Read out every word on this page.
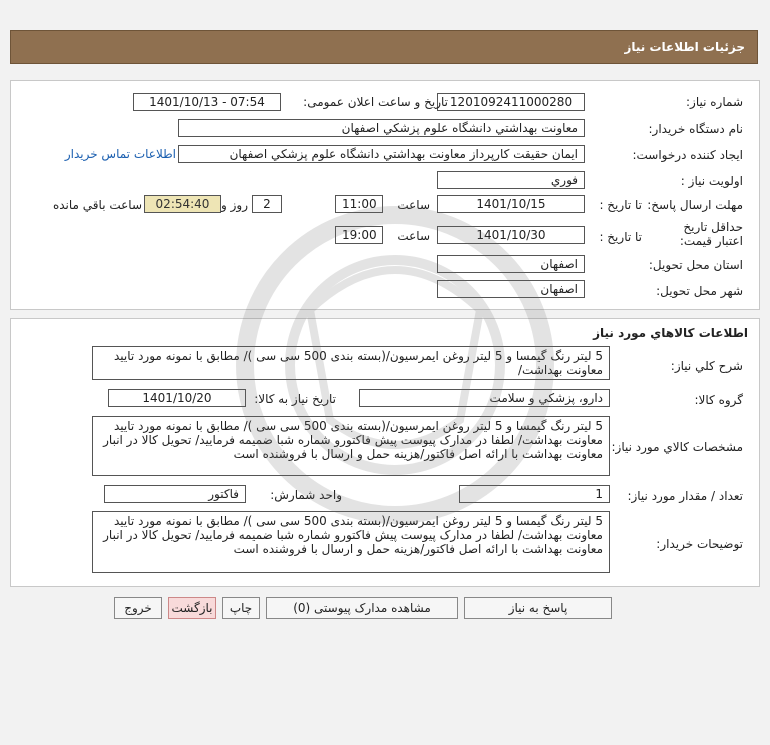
جزئیات اطلاعات نیاز
شماره نیاز:
1201092411000280
تاریخ و ساعت اعلان عمومی:
1401/10/13 - 07:54
نام دستگاه خریدار:
معاونت بهداشتي دانشگاه علوم پزشكي اصفهان
ایجاد کننده درخواست:
ایمان حقیقت کارپرداز معاونت بهداشتي دانشگاه علوم پزشكي اصفهان
اطلاعات تماس خریدار
اولویت نیاز :
فوري
مهلت ارسال پاسخ:
تا تاریخ :
1401/10/15
ساعت
11:00
2
روز و
02:54:40
ساعت باقي مانده
حداقل تاریخ اعتبار قیمت:
تا تاریخ :
1401/10/30
ساعت
19:00
استان محل تحویل:
اصفهان
شهر محل تحویل:
اصفهان
اطلاعات كالاهاي مورد نياز
شرح كلي نياز:
5 لیتر رنگ گیمسا و 5 لیتر روغن ایمرسیون/(بسته بندی 500 سی سی )/ مطابق با نمونه مورد تایید معاونت بهداشت/
گروه كالا:
دارو، پزشكي و سلامت
تاریخ نیاز به کالا:
1401/10/20
مشخصات كالاي مورد نياز:
5 لیتر رنگ گیمسا و 5 لیتر روغن ایمرسیون/(بسته بندی 500 سی سی )/ مطابق با نمونه مورد تایید معاونت بهداشت/ لطفا در مدارک پیوست پیش فاکتورو شماره شبا ضمیمه فرمایید/ تحویل کالا در انبار معاونت بهداشت با ارائه اصل فاکتور/هزینه حمل و ارسال با فروشنده است
تعداد / مقدار مورد نیاز:
1
واحد شمارش:
فاکتور
توضیحات خریدار:
5 لیتر رنگ گیمسا و 5 لیتر روغن ایمرسیون/(بسته بندی 500 سی سی )/ مطابق با نمونه مورد تایید معاونت بهداشت/ لطفا در مدارک پیوست پیش فاکتورو شماره شبا ضمیمه فرمایید/ تحویل کالا در انبار معاونت بهداشت با ارائه اصل فاکتور/هزینه حمل و ارسال با فروشنده است
پاسخ به نیاز
مشاهده مدارک پیوستی (0)
چاپ
بازگشت
خروج
